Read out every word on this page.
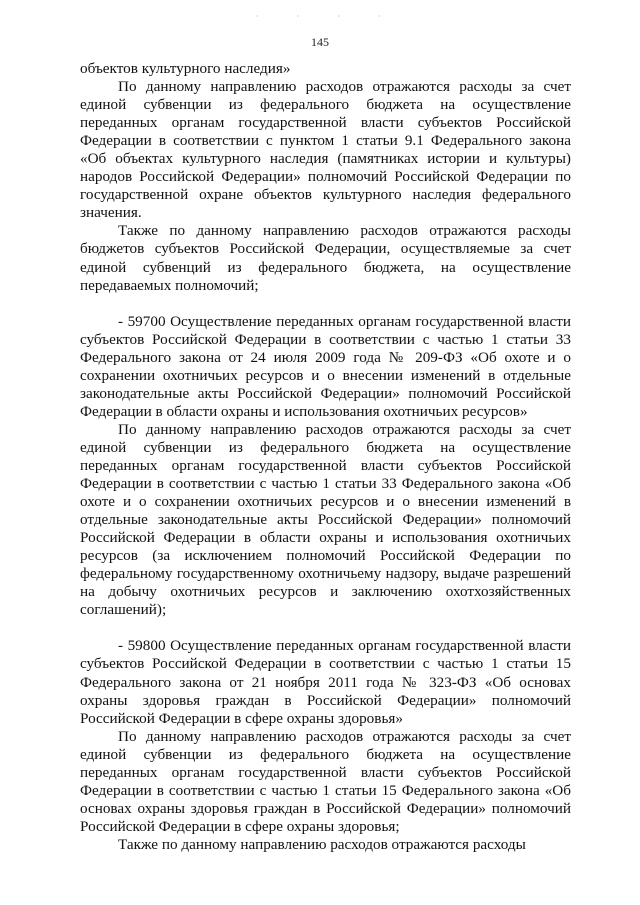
· · · ·
145

объектов культурного наследия»

По данному направлению расходов отражаются расходы за счет единой субвенции из федерального бюджета на осуществление переданных органам государственной власти субъектов Российской Федерации в соответствии с пунктом 1 статьи 9.1 Федерального закона «Об объектах культурного наследия (памятниках истории и культуры) народов Российской Федерации» полномочий Российской Федерации по государственной охране объектов культурного наследия федерального значения.

Также по данному направлению расходов отражаются расходы бюджетов субъектов Российской Федерации, осуществляемые за счет единой субвенций из федерального бюджета, на осуществление передаваемых полномочий;

- 59700 Осуществление переданных органам государственной власти субъектов Российской Федерации в соответствии с частью 1 статьи 33 Федерального закона от 24 июля 2009 года № 209-ФЗ «Об охоте и о сохранении охотничьих ресурсов и о внесении изменений в отдельные законодательные акты Российской Федерации» полномочий Российской Федерации в области охраны и использования охотничьих ресурсов»

По данному направлению расходов отражаются расходы за счет единой субвенции из федерального бюджета на осуществление переданных органам государственной власти субъектов Российской Федерации в соответствии с частью 1 статьи 33 Федерального закона «Об охоте и о сохранении охотничьих ресурсов и о внесении изменений в отдельные законодательные акты Российской Федерации» полномочий Российской Федерации в области охраны и использования охотничьих ресурсов (за исключением полномочий Российской Федерации по федеральному государственному охотничьему надзору, выдаче разрешений на добычу охотничьих ресурсов и заключению охотхозяйственных соглашений);

- 59800 Осуществление переданных органам государственной власти субъектов Российской Федерации в соответствии с частью 1 статьи 15 Федерального закона от 21 ноября 2011 года № 323-ФЗ «Об основах охраны здоровья граждан в Российской Федерации» полномочий Российской Федерации в сфере охраны здоровья»

По данному направлению расходов отражаются расходы за счет единой субвенции из федерального бюджета на осуществление переданных органам государственной власти субъектов Российской Федерации в соответствии с частью 1 статьи 15 Федерального закона «Об основах охраны здоровья граждан в Российской Федерации» полномочий Российской Федерации в сфере охраны здоровья;

Также по данному направлению расходов отражаются расходы
